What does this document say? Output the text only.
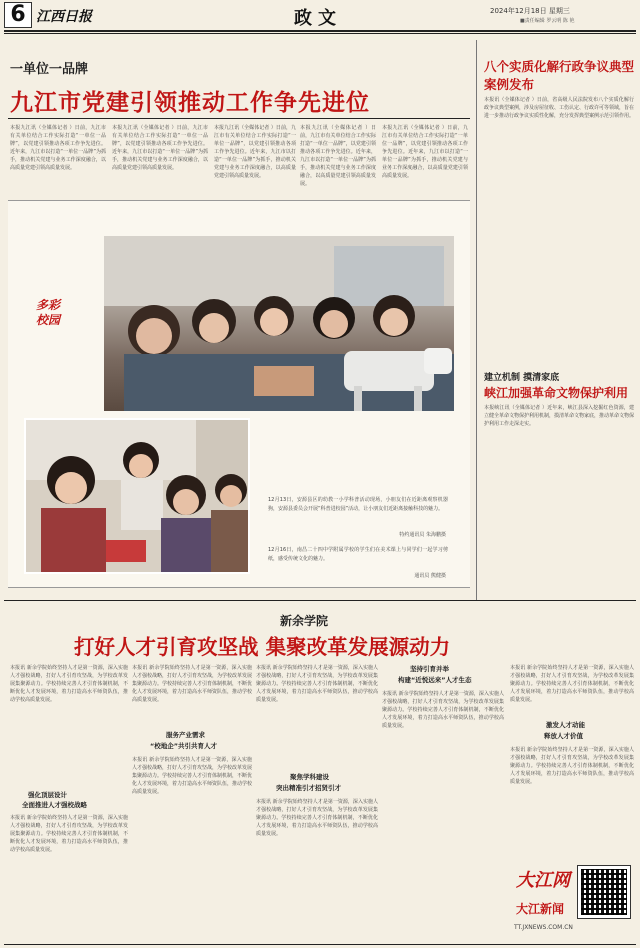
6 江西日报	政文	2024年12月18日 星期三
■责任编辑 罗云明 陈 艳
一单位一品牌
九江市党建引领推动工作争先进位
本报九江讯（全媒体记者 ）日前，九江市有关单位结合工作实际打造“一单位一品牌”，以党建引领推动各项工作争先进位。近年来，九江市以打造“一单位一品牌”为抓手，推动机关党建与业务工作深度融合，以高质量党建引领高质量发展。
本报九江讯（全媒体记者 ）日前，九江市有关单位结合工作实际打造“一单位一品牌”，以党建引领推动各项工作争先进位。近年来，九江市以打造“一单位一品牌”为抓手，推动机关党建与业务工作深度融合，以高质量党建引领高质量发展。
本报九江讯（全媒体记者 ）日前，九江市有关单位结合工作实际打造“一单位一品牌”，以党建引领推动各项工作争先进位。近年来，九江市以打造“一单位一品牌”为抓手，推动机关党建与业务工作深度融合，以高质量党建引领高质量发展。
本报九江讯（全媒体记者 ）日前，九江市有关单位结合工作实际打造“一单位一品牌”，以党建引领推动各项工作争先进位。近年来，九江市以打造“一单位一品牌”为抓手，推动机关党建与业务工作深度融合，以高质量党建引领高质量发展。
本报九江讯（全媒体记者 ）日前，九江市有关单位结合工作实际打造“一单位一品牌”，以党建引领推动各项工作争先进位。近年来，九江市以打造“一单位一品牌”为抓手，推动机关党建与业务工作深度融合，以高质量党建引领高质量发展。
多彩校园
12月13日，安源县区的幼教一小学科普活动现场，小朋友们在近距离观察机器狗，安源县委员会开展“科普进校园”活动，让小朋友们近距离接触科技的魅力。
特约通讯员 朱海鹏摄
12月16日，南昌二十四中学附属学校的学生们在美术课上与同学们一起学习剪纸，感受传统文化的魅力。
通讯员 熊健摄
八个实质化解行政争议典型案例发布
本报讯（全媒体记者 ）日前，省高级人民法院发布八个实质化解行政争议典型案例，涉及房屋征收、工伤认定、行政许可等领域，旨在进一步推动行政争议实质性化解，充分发挥典型案例示范引领作用。
建立机制 摸清家底
峡江加强革命文物保护利用
本报峡江讯（全媒体记者 ）近年来，峡江县深入挖掘红色资源，建立健全革命文物保护利用机制，摸清革命文物家底，推动革命文物保护利用工作走深走实。
新余学院
打好人才引育攻坚战 集聚改革发展源动力
本报讯 新余学院始终坚持人才是第一资源，深入实施人才强校战略，打好人才引育攻坚战，为学校改革发展集聚源动力。学校持续完善人才引育体制机制，不断优化人才发展环境，着力打造高水平师资队伍，推动学校高质量发展。
强化顶层设计
全面推进人才强校战略
本报讯 新余学院始终坚持人才是第一资源，深入实施人才强校战略，打好人才引育攻坚战，为学校改革发展集聚源动力。学校持续完善人才引育体制机制，不断优化人才发展环境，着力打造高水平师资队伍，推动学校高质量发展。
本报讯 新余学院始终坚持人才是第一资源，深入实施人才强校战略，打好人才引育攻坚战，为学校改革发展集聚源动力。学校持续完善人才引育体制机制，不断优化人才发展环境，着力打造高水平师资队伍，推动学校高质量发展。
服务产业需求
“校地企”共引共育人才
本报讯 新余学院始终坚持人才是第一资源，深入实施人才强校战略，打好人才引育攻坚战，为学校改革发展集聚源动力。学校持续完善人才引育体制机制，不断优化人才发展环境，着力打造高水平师资队伍，推动学校高质量发展。
本报讯 新余学院始终坚持人才是第一资源，深入实施人才强校战略，打好人才引育攻坚战，为学校改革发展集聚源动力。学校持续完善人才引育体制机制，不断优化人才发展环境，着力打造高水平师资队伍，推动学校高质量发展。
聚焦学科建设
突出精准引才招贤引才
本报讯 新余学院始终坚持人才是第一资源，深入实施人才强校战略，打好人才引育攻坚战，为学校改革发展集聚源动力。学校持续完善人才引育体制机制，不断优化人才发展环境，着力打造高水平师资队伍，推动学校高质量发展。
坚持引育并举
构建“近悦远来”人才生态
本报讯 新余学院始终坚持人才是第一资源，深入实施人才强校战略，打好人才引育攻坚战，为学校改革发展集聚源动力。学校持续完善人才引育体制机制，不断优化人才发展环境，着力打造高水平师资队伍，推动学校高质量发展。
本报讯 新余学院始终坚持人才是第一资源，深入实施人才强校战略，打好人才引育攻坚战，为学校改革发展集聚源动力。学校持续完善人才引育体制机制，不断优化人才发展环境，着力打造高水平师资队伍，推动学校高质量发展。
激发人才动能
释放人才价值
本报讯 新余学院始终坚持人才是第一资源，深入实施人才强校战略，打好人才引育攻坚战，为学校改革发展集聚源动力。学校持续完善人才引育体制机制，不断优化人才发展环境，着力打造高水平师资队伍，推动学校高质量发展。
大江网
大江新闻
TT.JXNEWS.COM.CN
